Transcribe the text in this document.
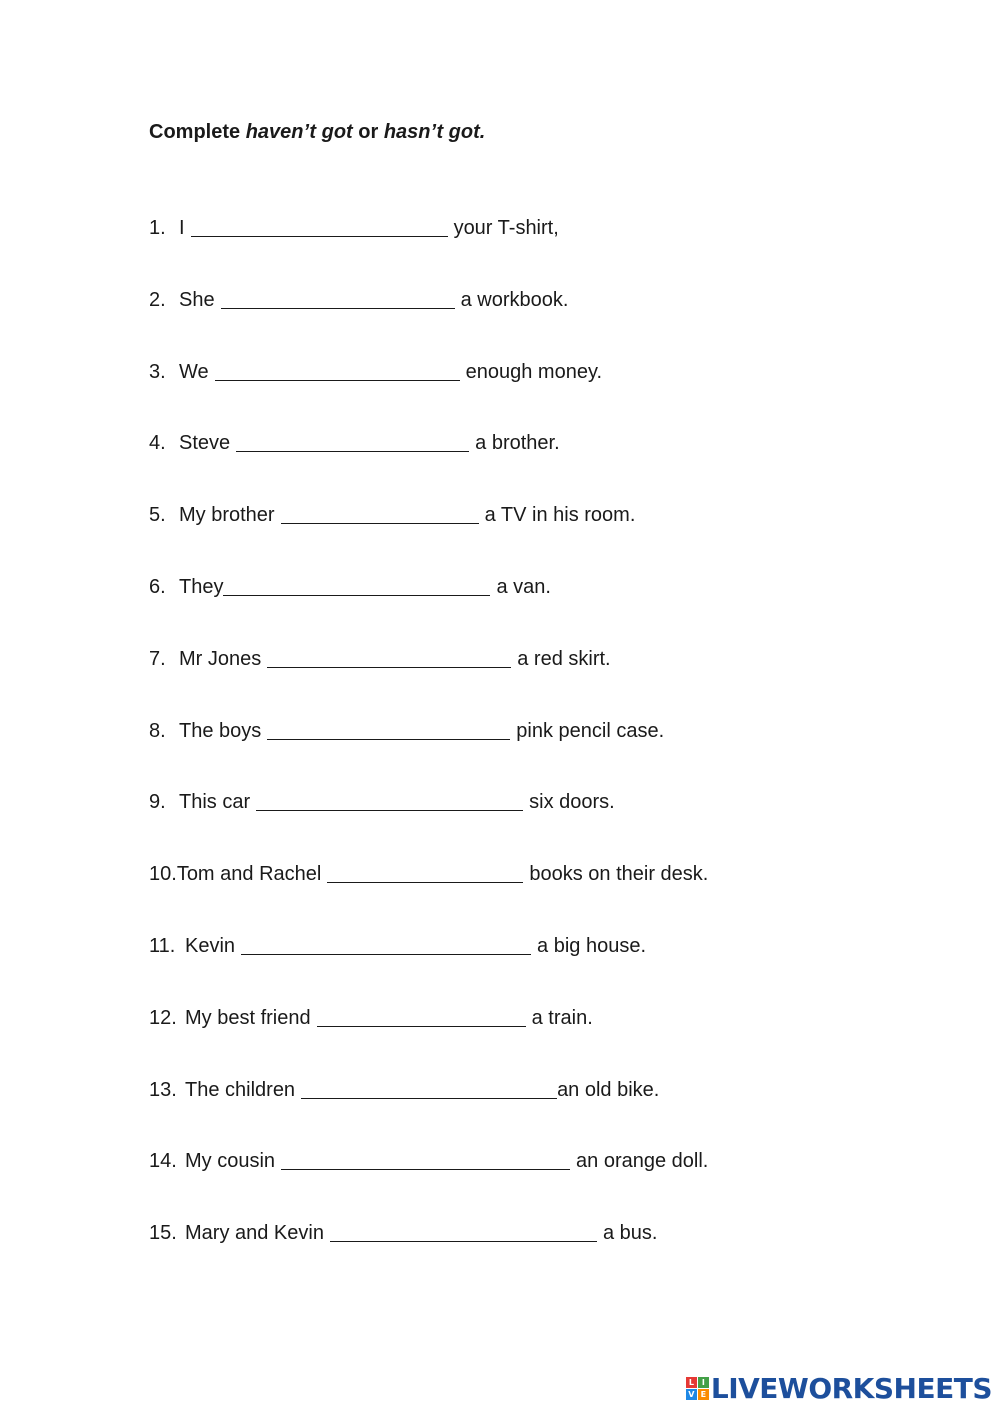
Complete haven’t got or hasn’t got.
1. I	your T-shirt,
2. She	a workbook.
3. We	enough money.
4. Steve	a brother.
5. My brother	a TV in his room.
6. They	a van.
7. Mr Jones	a red skirt.
8. The boys	pink pencil case.
9. This car	six doors.
10. Tom and Rachel	books on their desk.
11. Kevin	a big house.
12. My best friend	a train.
13. The children	an old bike.
14. My cousin	an orange doll.
15. Mary and Kevin	a bus.
L I
V E LIVEWORKSHEETS
